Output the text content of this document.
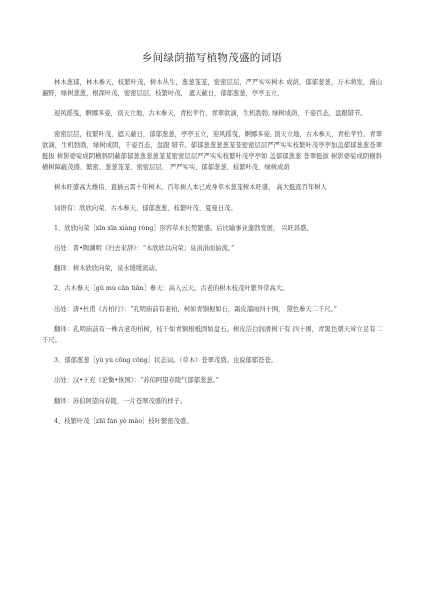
乡间绿荫描写植物茂盛的词语

林木葱郁，林木参天，枝繁叶茂，树木丛生，葱葱茏茏，密密层层，严严实实树木 成荫，郁郁葱葱，万木萌发，漫山遍野，绿树葱葱，根深叶茂，密密层层，枝繁叶茂， 遮天蔽日，郁郁葱葱，亭亭玉立，

迎风摇曳，婀娜多姿，顶天立地，古木参天，青松苹竹，青翠欲滴，生机勃勃, 绿树成荫，千姿百态，盘跟错节。

密密层层，枝繁叶茂，遮天蔽日，郁郁葱葱，亭亭玉立，迎风摇曳，婀娜多姿, 顶天立地，古木参天，青松苹竹，青翠欲滴，生机勃勃，绿树成阴，千姿百态，盘跟 错节。郁郁葱葱葱葱茏茏密密层层严严实实枝繁叶茂亭亭加盖郁郁葱葱苍翠挺拔 树影婆娑成阴横斜阴蔽郁郁葱葱葱葱茏茏密密层层严严实实枝繁叶茂亭亭如 盖郁郁葱葱 苍翠挺拔 树影婆娑成阴横斜 横树障蔽茂盛、繁密、葱葱茏茏、密密层层、 严严实实、郁郁葱葱、枝繁叶茂、绿树成荫

树木旺盛高大雄伟、直插云霄十年树木，百年树人本已成身草木葱茏树木旺盛， 高大挺直百年树人

词语有：欣欣向荣、古木参天、郁郁葱葱、枝繁叶茂、夏曼日茂。

1、欣欣向荣［xīn xīn xiàng róng］形容草木长势繁盛。后比喻事业蓬勃发展， 兴旺昌盛。

出处：晋•陶渊明《归去来辞》：“木欣欣以向荣；泉涓涓而始流。”

翻译：树木欣欣向荣，泉水缓缓流动。

2、古木参天［gǔ mù cān tiān］参天：高入云天。古老的树木枝茂叶繁异常高大。

出处：唐•杜甫《古柏行》：“孔明庙前有老柏，柯如青铜根如石，霜皮溜雨四十围， 黛色参天二千尺。”

翻译：孔明庙前有一株古老的柏树，枝干如青铜根柢固如盘石。树皮洁白润滑树干有 四十围，青黑色朝天耸立足有二千尺。

3、郁郁葱葱［yù yù cōng cōng］状态词。（草木）苍翠茂盛。也说郁郁苍苍。

出处：汉•王充《论衡•恢国》：“苏伯阿望春陵气郁郁葱葱。”

翻译：苏伯阿望向春陵，一片苍翠茂盛的样子。

4、枝繁叶茂［zhī fán yè mào］枝叶繁密茂盛。
